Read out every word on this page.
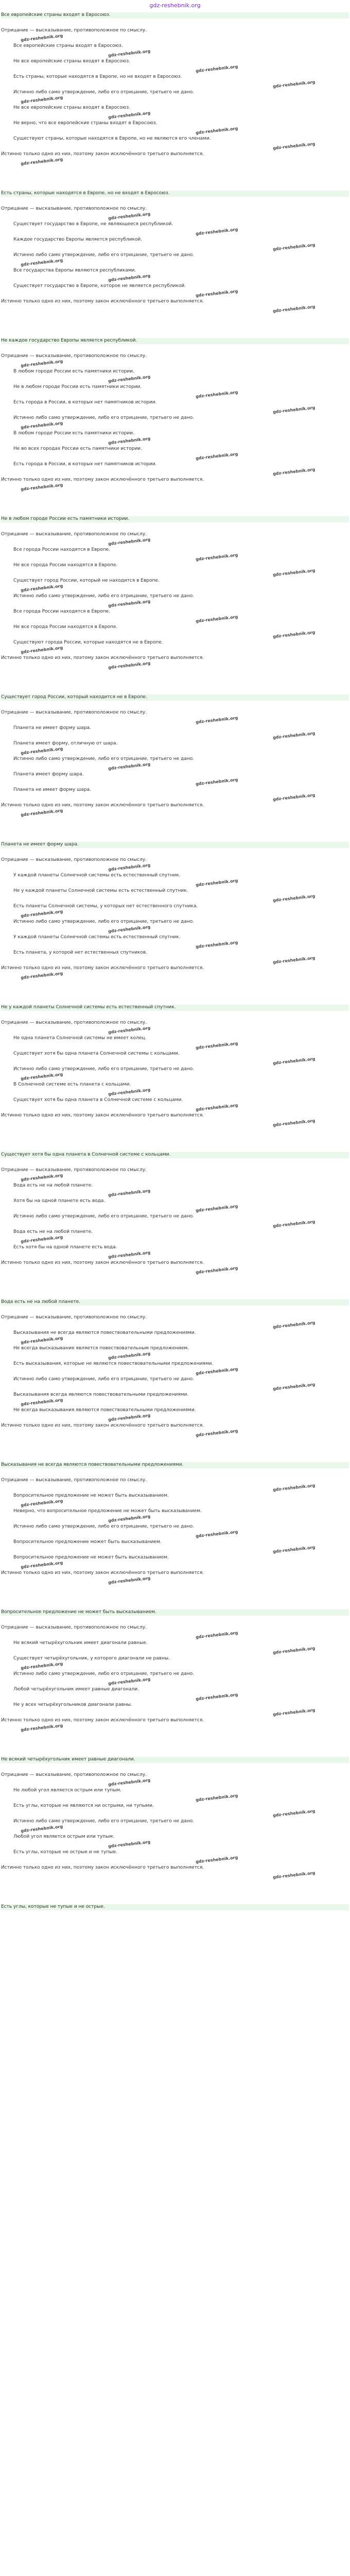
gdz-reshebnik.org
Все европейские страны входят в Евросоюз.
Отрицание — высказывание, противоположное по смыслу.
Все европейские страны входят в Евросоюз.
Не все европейские страны входят в Евросоюз.
Есть страны, которые находятся в Европе, но не входят в Евросоюз.
Истинно либо само утверждение, либо его отрицание, третьего не дано.
Не все европейские страны входят в Евросоюз.
Не верно, что все европейские страны входят в Евросоюз.
Существуют страны, которые находятся в Европе, но не являются его членами.
Истинно только одно из них, поэтому закон исключённого третьего выполняется.
Есть страны, которые находятся в Европе, но не входят в Евросоюз.
Отрицание — высказывание, противоположное по смыслу.
Существует государство в Европе, не являющееся республикой.
Каждое государство Европы является республикой.
Истинно либо само утверждение, либо его отрицание, третьего не дано.
Все государства Европы являются республиками.
Существует государство в Европе, которое не является республикой.
Истинно только одно из них, поэтому закон исключённого третьего выполняется.
Не каждое государство Европы является республикой.
Отрицание — высказывание, противоположное по смыслу.
В любом городе России есть памятники истории.
Не в любом городе России есть памятники истории.
Есть города в России, в которых нет памятников истории.
Истинно либо само утверждение, либо его отрицание, третьего не дано.
В любом городе России есть памятники истории.
Не во всех городах России есть памятники истории.
Есть города в России, в которых нет памятников истории.
Истинно только одно из них, поэтому закон исключённого третьего выполняется.
Не в любом городе России есть памятники истории.
Отрицание — высказывание, противоположное по смыслу.
Все города России находятся в Европе.
Не все города России находятся в Европе.
Существует город России, который не находится в Европе.
Истинно либо само утверждение, либо его отрицание, третьего не дано.
Все города России находятся в Европе.
Не все города России находятся в Европе.
Существуют города России, которые находятся не в Европе.
Истинно только одно из них, поэтому закон исключённого третьего выполняется.
Существует город России, который находится не в Европе.
Отрицание — высказывание, противоположное по смыслу.
Планета не имеет форму шара.
Планета имеет форму, отличную от шара.
Истинно либо само утверждение, либо его отрицание, третьего не дано.
Планета имеет форму шара.
Планета не имеет форму шара.
Истинно только одно из них, поэтому закон исключённого третьего выполняется.
Планета не имеет форму шара.
Отрицание — высказывание, противоположное по смыслу.
У каждой планеты Солнечной системы есть естественный спутник.
Не у каждой планеты Солнечной системы есть естественный спутник.
Есть планеты Солнечной системы, у которых нет естественного спутника.
Истинно либо само утверждение, либо его отрицание, третьего не дано.
У каждой планеты Солнечной системы есть естественный спутник.
Есть планета, у которой нет естественных спутников.
Истинно только одно из них, поэтому закон исключённого третьего выполняется.
Не у каждой планеты Солнечной системы есть естественный спутник.
Отрицание — высказывание, противоположное по смыслу.
Не одна планета Солнечной системы не имеет колец.
Существует хотя бы одна планета Солнечной системы с кольцами.
Истинно либо само утверждение, либо его отрицание, третьего не дано.
В Солнечной системе есть планета с кольцами.
Существует хотя бы одна планета в Солнечной системе с кольцами.
Истинно только одно из них, поэтому закон исключённого третьего выполняется.
Существует хотя бы одна планета в Солнечной системе с кольцами.
Отрицание — высказывание, противоположное по смыслу.
Вода есть не на любой планете.
Хотя бы на одной планете есть вода.
Истинно либо само утверждение, либо его отрицание, третьего не дано.
Вода есть не на любой планете.
Есть хотя бы на одной планете есть вода.
Истинно только одно из них, поэтому закон исключённого третьего выполняется.
Вода есть не на любой планете.
Отрицание — высказывание, противоположное по смыслу.
Высказывания не всегда являются повествовательными предложениями.
Не всегда высказывание является повествовательным предложением.
Есть высказывания, которые не являются повествовательными предложениями.
Истинно либо само утверждение, либо его отрицание, третьего не дано.
Высказывания всегда являются повествовательными предложениями.
Не всегда высказывания являются повествовательными предложениями.
Истинно только одно из них, поэтому закон исключённого третьего выполняется.
Высказывания не всегда являются повествовательными предложениями.
Отрицание — высказывание, противоположное по смыслу.
Вопросительное предложение не может быть высказыванием.
Неверно, что вопросительное предложение не может быть высказыванием.
Истинно либо само утверждение, либо его отрицание, третьего не дано.
Вопросительное предложение может быть высказыванием.
Вопросительное предложение не может быть высказыванием.
Истинно только одно из них, поэтому закон исключённого третьего выполняется.
Вопросительное предложение не может быть высказыванием.
Отрицание — высказывание, противоположное по смыслу.
Не всякий четырёхугольник имеет диагонали равные.
Существует четырёхугольник, у которого диагонали не равны.
Истинно либо само утверждение, либо его отрицание, третьего не дано.
Любой четырёхугольник имеет равные диагонали.
Не у всех четырёхугольников диагонали равны.
Истинно только одно из них, поэтому закон исключённого третьего выполняется.
Не всякий четырёхугольник имеет равные диагонали.
Отрицание — высказывание, противоположное по смыслу.
Не любой угол является острым или тупым.
Есть углы, которые не являются ни острыми, ни тупыми.
Истинно либо само утверждение, либо его отрицание, третьего не дано.
Любой угол является острым или тупым.
Есть углы, которые не острые и не тупые.
Истинно только одно из них, поэтому закон исключённого третьего выполняется.
Есть углы, которые не тупые и не острые.
gdz-reshebnik.org
gdz-reshebnik.org
gdz-reshebnik.org
gdz-reshebnik.org
gdz-reshebnik.org
gdz-reshebnik.org
gdz-reshebnik.org
gdz-reshebnik.org
gdz-reshebnik.org
gdz-reshebnik.org
gdz-reshebnik.org
gdz-reshebnik.org
gdz-reshebnik.org
gdz-reshebnik.org
gdz-reshebnik.org
gdz-reshebnik.org
gdz-reshebnik.org
gdz-reshebnik.org
gdz-reshebnik.org
gdz-reshebnik.org
gdz-reshebnik.org
gdz-reshebnik.org
gdz-reshebnik.org
gdz-reshebnik.org
gdz-reshebnik.org
gdz-reshebnik.org
gdz-reshebnik.org
gdz-reshebnik.org
gdz-reshebnik.org
gdz-reshebnik.org
gdz-reshebnik.org
gdz-reshebnik.org
gdz-reshebnik.org
gdz-reshebnik.org
gdz-reshebnik.org
gdz-reshebnik.org
gdz-reshebnik.org
gdz-reshebnik.org
gdz-reshebnik.org
gdz-reshebnik.org
gdz-reshebnik.org
gdz-reshebnik.org
gdz-reshebnik.org
gdz-reshebnik.org
gdz-reshebnik.org
gdz-reshebnik.org
gdz-reshebnik.org
gdz-reshebnik.org
gdz-reshebnik.org
gdz-reshebnik.org
gdz-reshebnik.org
gdz-reshebnik.org
gdz-reshebnik.org
gdz-reshebnik.org
gdz-reshebnik.org
gdz-reshebnik.org
gdz-reshebnik.org
gdz-reshebnik.org
gdz-reshebnik.org
gdz-reshebnik.org
gdz-reshebnik.org
gdz-reshebnik.org
gdz-reshebnik.org
gdz-reshebnik.org
gdz-reshebnik.org
gdz-reshebnik.org
gdz-reshebnik.org
gdz-reshebnik.org
gdz-reshebnik.org
gdz-reshebnik.org
gdz-reshebnik.org
gdz-reshebnik.org
gdz-reshebnik.org
gdz-reshebnik.org
gdz-reshebnik.org
gdz-reshebnik.org
gdz-reshebnik.org
gdz-reshebnik.org
gdz-reshebnik.org
gdz-reshebnik.org
gdz-reshebnik.org
gdz-reshebnik.org
gdz-reshebnik.org
gdz-reshebnik.org
gdz-reshebnik.org
gdz-reshebnik.org
gdz-reshebnik.org
gdz-reshebnik.org
gdz-reshebnik.org
gdz-reshebnik.org
gdz-reshebnik.org
gdz-reshebnik.org
